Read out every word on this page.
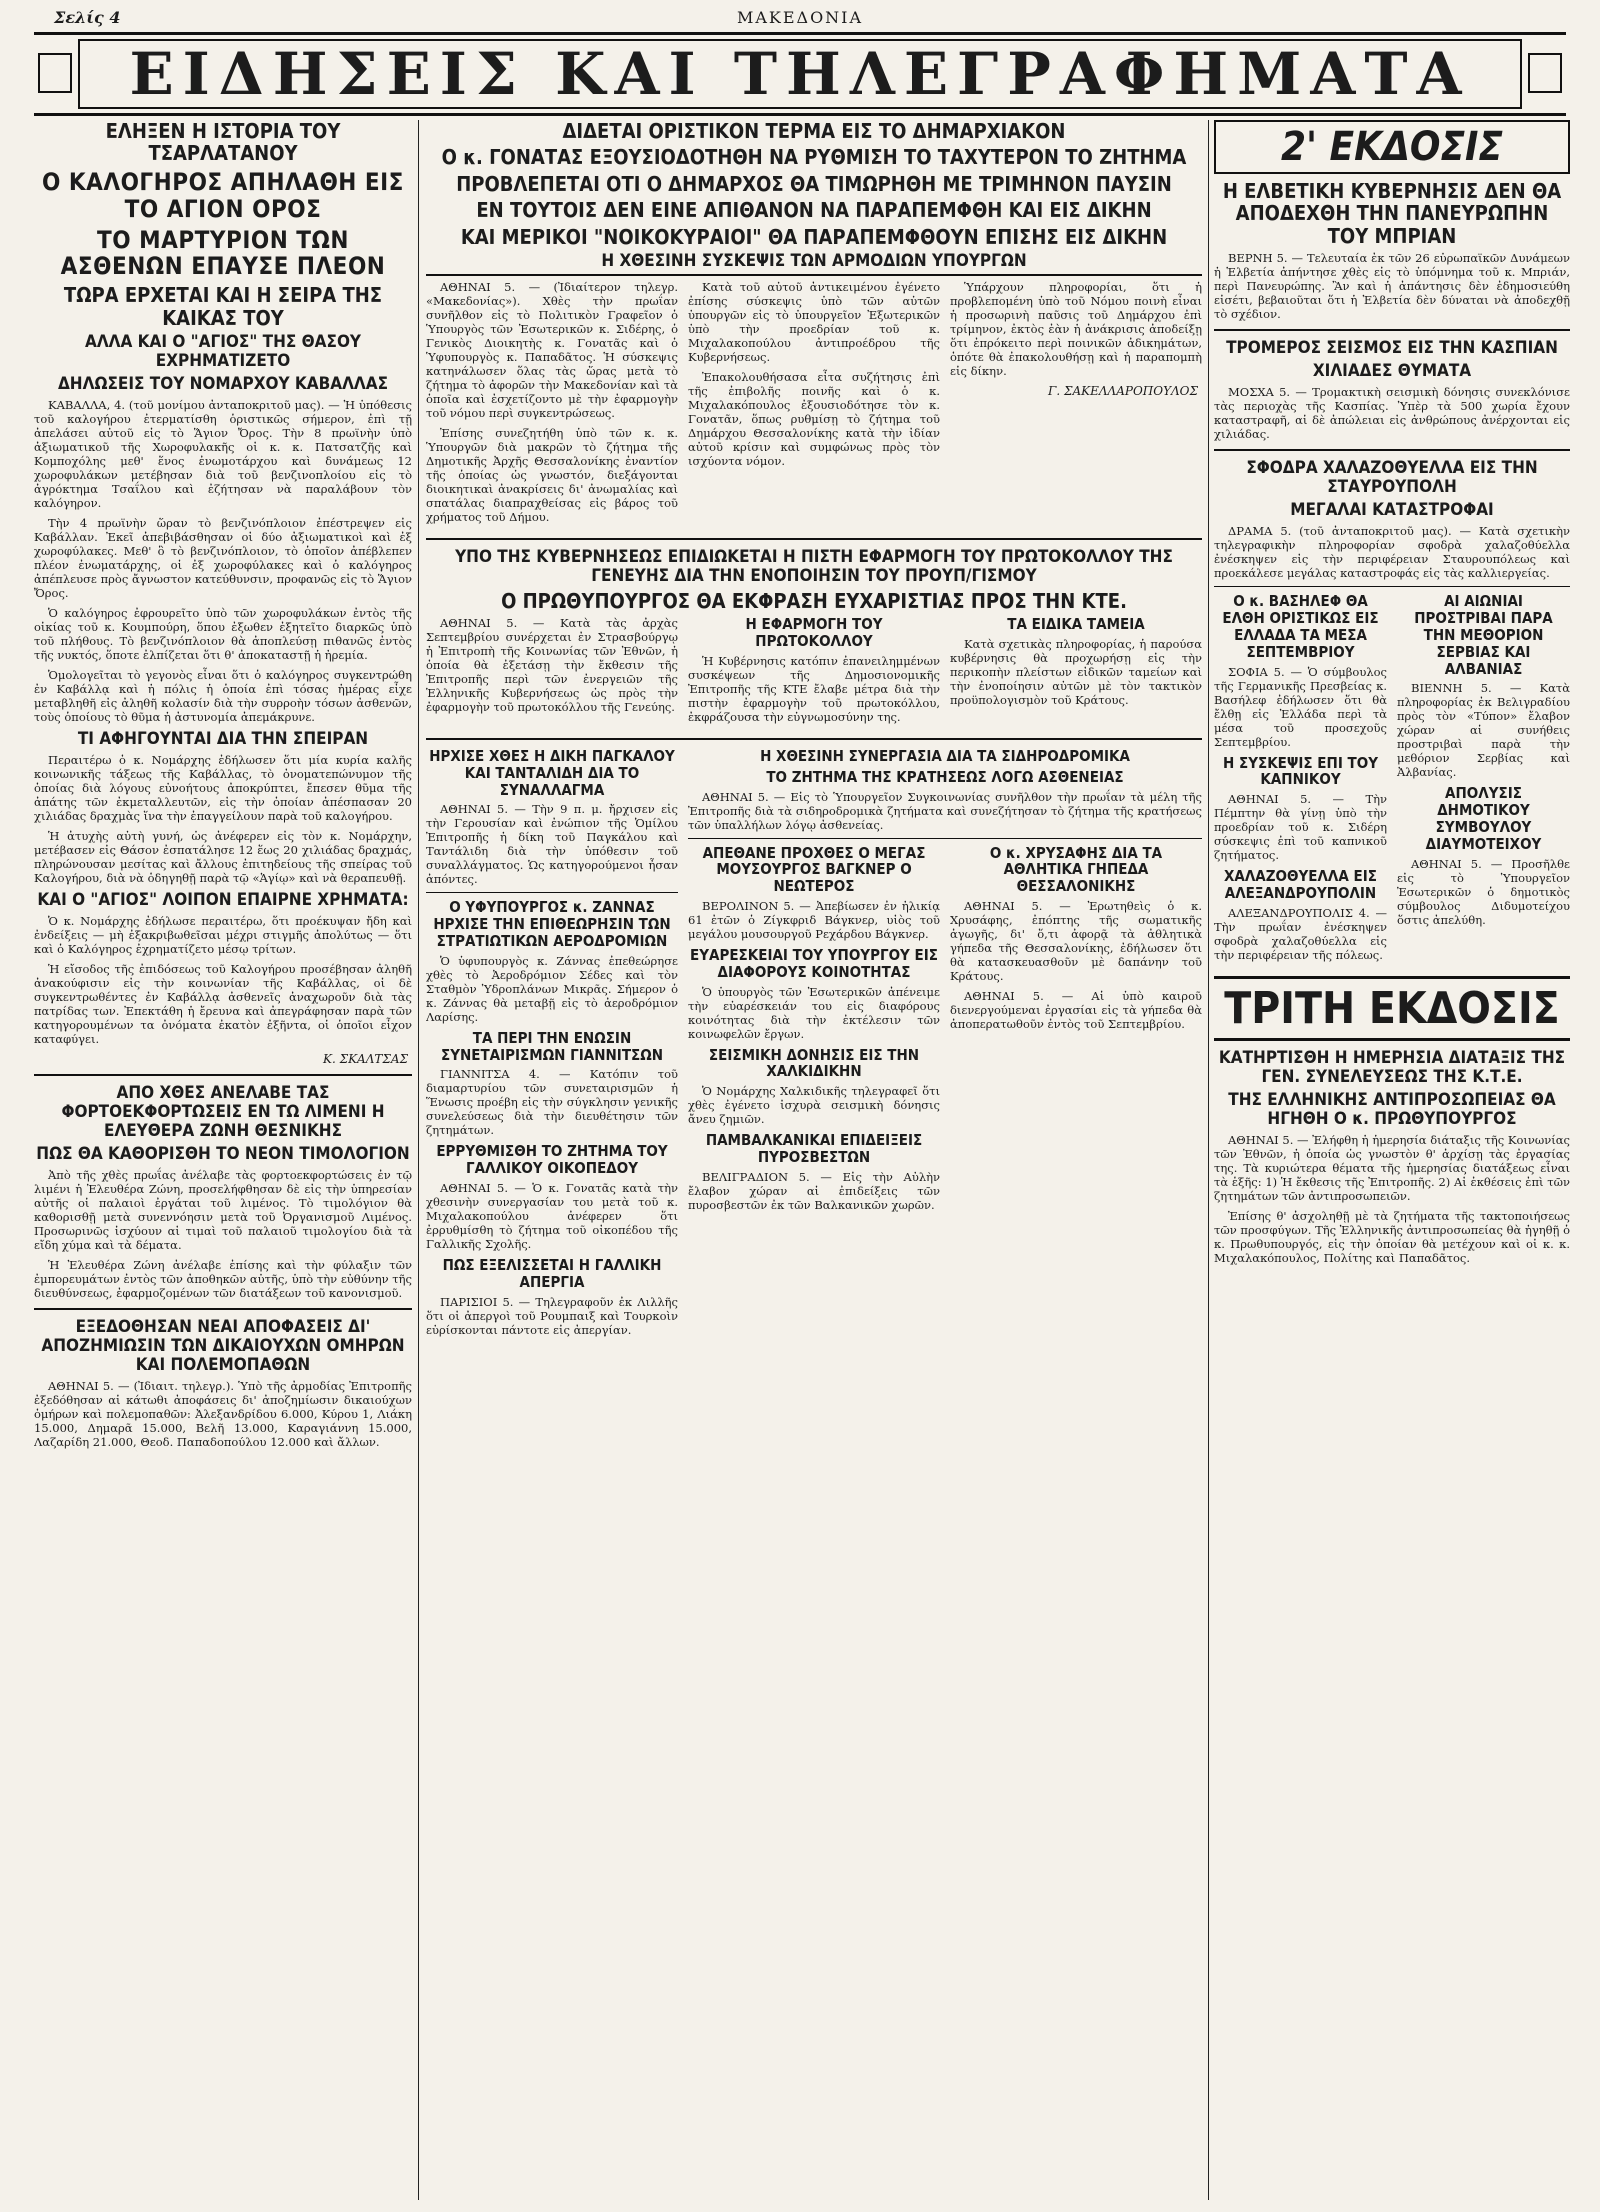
Σελίς 4	ΜΑΚΕΔΟΝΙΑ
ΕΙΔΗΣΕΙΣ ΚΑΙ ΤΗΛΕΓΡΑΦΗΜΑΤΑ
ΕΛΗΞΕΝ Η ΙΣΤΟΡΙΑ ΤΟΥ ΤΣΑΡΛΑΤΑΝΟΥ
Ο ΚΑΛΟΓΗΡΟΣ ΑΠΗΛΑΘΗ ΕΙΣ ΤΟ ΑΓΙΟΝ ΟΡΟΣ
ΤΟ ΜΑΡΤΥΡΙΟΝ ΤΩΝ ΑΣΘΕΝΩΝ ΕΠΑΥΣΕ ΠΛΕΟΝ
ΤΩΡΑ ΕΡΧΕΤΑΙ ΚΑΙ Η ΣΕΙΡΑ ΤΗΣ ΚΑΙΚΑΣ ΤΟΥ
ΑΛΛΑ ΚΑΙ Ο "ΑΓΙΟΣ" ΤΗΣ ΘΑΣΟΥ ΕΧΡΗΜΑΤΙΖΕΤΟ
ΔΗΛΩΣΕΙΣ ΤΟΥ ΝΟΜΑΡΧΟΥ ΚΑΒΑΛΛΑΣ

ΚΑΒΑΛΛΑ, 4. (τοῦ μονίμου ἀνταποκριτοῦ μας). — Ἡ ὑπόθεσις τοῦ καλογήρου ἐτερματίσθη ὁριστικῶς σήμερον, ἐπὶ τῇ ἀπελάσει αὐτοῦ εἰς τὸ Ἅγιον Ὄρος. Τὴν 8 πρωϊνὴν ὑπὸ ἀξιωματικοῦ τῆς Χωροφυλακῆς οἱ κ. κ. Πατσατζῆς καὶ Κομποχόλης μεθ' ἕνος ἐνωμοτάρχου καὶ δυνάμεως 12 χωροφυλάκων μετέβησαν διὰ τοῦ βενζινοπλοίου εἰς τὸ ἀγρόκτημα Τσαΐλου καὶ ἐζήτησαν νὰ παραλάβουν τὸν καλόγηρον.

Τὴν 4 πρωϊνὴν ὥραν τὸ βενζινόπλοιον ἐπέστρεψεν εἰς Καβάλλαν. Ἐκεῖ ἀπεβιβάσθησαν οἱ δύο ἀξιωματικοὶ καὶ ἐξ χωροφύλακες. Μεθ' ὃ τὸ βενζινόπλοιον, τὸ ὁποῖον ἀπέβλεπεν πλέον ἐνωματάρχης, οἱ ἐξ χωροφύλακες καὶ ὁ καλόγηρος ἀπέπλευσε πρὸς ἄγνωστον κατεύθυνσιν, προφανῶς εἰς τὸ Ἅγιον Ὄρος.

Ὁ καλόγηρος ἐφρουρεῖτο ὑπὸ τῶν χωροφυλάκων ἐντὸς τῆς οἰκίας τοῦ κ. Κουμπούρη, ὅπου ἐξωθεν ἐξητεῖτο διαρκῶς ὑπὸ τοῦ πλήθους. Τὸ βενζινόπλοιον θὰ ἀποπλεύσῃ πιθανῶς ἐντὸς τῆς νυκτός, ὅποτε ἐλπίζεται ὅτι θ' ἀποκαταστῇ ἡ ἠρεμία.

Ὁμολογεῖται τὸ γεγονὸς εἶναι ὅτι ὁ καλόγηρος συγκεντρώθη ἐν Καβάλλᾳ καὶ ἡ πόλις ἡ ὁποία ἐπὶ τόσας ἡμέρας εἶχε μεταβληθῆ εἰς ἀληθῆ κολασίν διὰ τὴν συρροὴν τόσων ἀσθενῶν, τοὺς ὁποίους τὸ θῦμα ἡ ἀστυνομία ἀπεμάκρυνε.

ΤΙ ΑΦΗΓΟΥΝΤΑΙ ΔΙΑ ΤΗΝ ΣΠΕΙΡΑΝ

Περαιτέρω ὁ κ. Νομάρχης ἐδήλωσεν ὅτι μία κυρία καλῆς κοινωνικῆς τάξεως τῆς Καβάλλας, τὸ ὀνοματεπώνυμον τῆς ὁποίας διὰ λόγους εὐνοήτους ἀποκρύπτει, ἔπεσεν θῦμα τῆς ἀπάτης τῶν ἐκμεταλλευτῶν, εἰς τὴν ὁποίαν ἀπέσπασαν 20 χιλιάδας δραχμὰς ἵνα τὴν ἐπαγγείλουν παρὰ τοῦ καλογήρου.

Ἡ ἀτυχὴς αὐτὴ γυνή, ὡς ἀνέφερεν εἰς τὸν κ. Νομάρχην, μετέβασεν εἰς Θάσον ἐσπατάλησε 12 ἕως 20 χιλιάδας δραχμάς, πληρώνουσαν μεσίτας καὶ ἄλλους ἐπιτηδείους τῆς σπείρας τοῦ Καλογήρου, διὰ νὰ ὁδηγηθῇ παρὰ τῷ «Ἁγίῳ» καὶ νὰ θεραπευθῇ.

ΚΑΙ Ο "ΑΓΙΟΣ" ΛΟΙΠΟΝ ΕΠΑΙΡΝΕ ΧΡΗΜΑΤΑ:

Ὁ κ. Νομάρχης ἐδήλωσε περαιτέρω, ὅτι προέκυψαν ἤδη καὶ ἐνδείξεις — μὴ ἐξακριβωθεῖσαι μέχρι στιγμῆς ἀπολύτως — ὅτι καὶ ὁ Καλόγηρος ἐχρηματίζετο μέσῳ τρίτων.

Ἡ εἴσοδος τῆς ἐπιδόσεως τοῦ Καλογήρου προσέβησαν ἀληθῆ ἀνακούφισιν εἰς τὴν κοινωνίαν τῆς Καβάλλας, οἱ δὲ συγκεντρωθέντες ἐν Καβάλλᾳ ἀσθενεῖς ἀναχωροῦν διὰ τὰς πατρίδας των. Ἐπεκτάθη ἡ ἔρευνα καὶ ἀπεγράφησαν παρὰ τῶν κατηγορουμένων τα ὀνόματα ἐκατὸν ἐξῆντα, οἱ ὁποῖοι εἶχον καταφύγει.

Κ. ΣΚΑΛΤΣΑΣ
ΑΠΟ ΧΘΕΣ ΑΝΕΛΑΒΕ ΤΑΣ ΦΟΡΤΟΕΚΦΟΡΤΩΣΕΙΣ ΕΝ ΤΩ ΛΙΜΕΝΙ Η ΕΛΕΥΘΕΡΑ ΖΩΝΗ ΘΕΣΝΙΚΗΣ
ΠΩΣ ΘΑ ΚΑΘΟΡΙΣΘΗ ΤΟ ΝΕΟΝ ΤΙΜΟΛΟΓΙΟΝ

Ἀπὸ τῆς χθὲς πρωΐας ἀνέλαβε τὰς φορτοεκφορτώσεις ἐν τῷ λιμένι ἡ Ἐλευθέρα Ζώνη, προσελήφθησαν δὲ εἰς τὴν ὑπηρεσίαν αὐτῆς οἱ παλαιοὶ ἐργάται τοῦ λιμένος. Τὸ τιμολόγιον θὰ καθορισθῇ μετὰ συνεννόησιν μετὰ τοῦ Ὀργανισμοῦ Λιμένος. Προσωρινῶς ἰσχύουν αἱ τιμαὶ τοῦ παλαιοῦ τιμολογίου διὰ τὰ εἴδη χύμα καὶ τὰ δέματα.

Ἡ Ἐλευθέρα Ζώνη ἀνέλαβε ἐπίσης καὶ τὴν φύλαξιν τῶν ἐμπορευμάτων ἐντὸς τῶν ἀποθηκῶν αὐτῆς, ὑπὸ τὴν εὐθύνην τῆς διευθύνσεως, ἐφαρμοζομένων τῶν διατάξεων τοῦ κανονισμοῦ.

ΕΞΕΔΟΘΗΣΑΝ ΝΕΑΙ ΑΠΟΦΑΣΕΙΣ ΔΙ' ΑΠΟΖΗΜΙΩΣΙΝ ΤΩΝ ΔΙΚΑΙΟΥΧΩΝ ΟΜΗΡΩΝ ΚΑΙ ΠΟΛΕΜΟΠΑΘΩΝ

ΑΘΗΝΑΙ 5. — (Ἰδιαιτ. τηλεγρ.). Ὑπὸ τῆς ἀρμοδίας Ἐπιτροπῆς ἐξεδόθησαν αἱ κάτωθι ἀποφάσεις δι' ἀποζημίωσιν δικαιούχων ὁμήρων καὶ πολεμοπαθῶν: Ἀλεξανδρίδου 6.000, Κύρου 1, Λιάκη 15.000, Δημαρᾶ 15.000, Βελῆ 13.000, Καραγιάννη 15.000, Λαζαρίδη 21.000, Θεοδ. Παπαδοπούλου 12.000 καὶ ἄλλων.

ΔΙΔΕΤΑΙ ΟΡΙΣΤΙΚΟΝ ΤΕΡΜΑ ΕΙΣ ΤΟ ΔΗΜΑΡΧΙΑΚΟΝ
Ο κ. ΓΟΝΑΤΑΣ ΕΞΟΥΣΙΟΔΟΤΗΘΗ ΝΑ ΡΥΘΜΙΣΗ ΤΟ ΤΑΧΥΤΕΡΟΝ ΤΟ ΖΗΤΗΜΑ
ΠΡΟΒΛΕΠΕΤΑΙ ΟΤΙ Ο ΔΗΜΑΡΧΟΣ ΘΑ ΤΙΜΩΡΗΘΗ ΜΕ ΤΡΙΜΗΝΟΝ ΠΑΥΣΙΝ
ΕΝ ΤΟΥΤΟΙΣ ΔΕΝ ΕΙΝΕ ΑΠΙΘΑΝΟΝ ΝΑ ΠΑΡΑΠΕΜΦΘΗ ΚΑΙ ΕΙΣ ΔΙΚΗΝ
ΚΑΙ ΜΕΡΙΚΟΙ "ΝΟΙΚΟΚΥΡΑΙΟΙ" ΘΑ ΠΑΡΑΠΕΜΦΘΟΥΝ ΕΠΙΣΗΣ ΕΙΣ ΔΙΚΗΝ
Η ΧΘΕΣΙΝΗ ΣΥΣΚΕΨΙΣ ΤΩΝ ΑΡΜΟΔΙΩΝ ΥΠΟΥΡΓΩΝ

ΑΘΗΝΑΙ 5. — (Ἰδιαίτερον τηλεγρ. «Μακεδονίας»). Χθὲς τὴν πρωΐαν συνῆλθον εἰς τὸ Πολιτικὸν Γραφεῖον ὁ Ὑπουργὸς τῶν Ἐσωτερικῶν κ. Σιδέρης, ὁ Γενικὸς Διοικητὴς κ. Γονατᾶς καὶ ὁ Ὑφυπουργὸς κ. Παπαδᾶτος. Ἡ σύσκεψις κατηνάλωσεν ὅλας τὰς ὥρας μετὰ τὸ ζήτημα τὸ ἀφορῶν τὴν Μακεδονίαν καὶ τὰ ὁποῖα καὶ ἐσχετίζοντο μὲ τὴν ἐφαρμογὴν τοῦ νόμου περὶ συγκεντρώσεως.

Ἐπίσης συνεζητήθη ὑπὸ τῶν κ. κ. Ὑπουργῶν διὰ μακρῶν τὸ ζήτημα τῆς Δημοτικῆς Ἀρχῆς Θεσσαλονίκης ἐναντίον τῆς ὁποίας ὡς γνωστόν, διεξάγονται διοικητικαὶ ἀνακρίσεις δι' ἀνωμαλίας καὶ σπατάλας διαπραχθείσας εἰς βάρος τοῦ χρήματος τοῦ Δήμου.

Κατὰ τοῦ αὐτοῦ ἀντικειμένου ἐγένετο ἐπίσης σύσκεψις ὑπὸ τῶν αὐτῶν ὑπουργῶν εἰς τὸ ὑπουργεῖον Ἐξωτερικῶν ὑπὸ τὴν προεδρίαν τοῦ κ. Μιχαλακοπούλου ἀντιπροέδρου τῆς Κυβερνήσεως.

Ἐπακολουθήσασα εἶτα συζήτησις ἐπὶ τῆς ἐπιβολῆς ποινῆς καὶ ὁ κ. Μιχαλακόπουλος ἐξουσιοδότησε τὸν κ. Γονατᾶν, ὅπως ρυθμίσῃ τὸ ζήτημα τοῦ Δημάρχου Θεσσαλονίκης κατὰ τὴν ἰδίαν αὐτοῦ κρίσιν καὶ συμφώνως πρὸς τὸν ισχύοντα νόμον.

Ὑπάρχουν πληροφορίαι, ὅτι ἡ προβλεπομένη ὑπὸ τοῦ Νόμου ποινὴ εἶναι ἡ προσωρινὴ παῦσις τοῦ Δημάρχου ἐπὶ τρίμηνον, ἐκτὸς ἐὰν ἡ ἀνάκρισις ἀποδείξῃ ὅτι ἐπρόκειτο περὶ ποινικῶν ἀδικημάτων, ὁπότε θὰ ἐπακολουθήσῃ καὶ ἡ παραπομπὴ εἰς δίκην.

Γ. ΣΑΚΕΛΛΑΡΟΠΟΥΛΟΣ
ΥΠΟ ΤΗΣ ΚΥΒΕΡΝΗΣΕΩΣ ΕΠΙΔΙΩΚΕΤΑΙ Η ΠΙΣΤΗ ΕΦΑΡΜΟΓΗ ΤΟΥ ΠΡΩΤΟΚΟΛΛΟΥ ΤΗΣ ΓΕΝΕΥΗΣ ΔΙΑ ΤΗΝ ΕΝΟΠΟΙΗΣΙΝ ΤΟΥ ΠΡΟΥΠ/ΓΙΣΜΟΥ
Ο ΠΡΩΘΥΠΟΥΡΓΟΣ ΘΑ ΕΚΦΡΑΣΗ ΕΥΧΑΡΙΣΤΙΑΣ ΠΡΟΣ ΤΗΝ ΚΤΕ.

ΑΘΗΝΑΙ 5. — Κατὰ τὰς ἀρχὰς Σεπτεμβρίου συνέρχεται ἐν Στρασβούργῳ ἡ Ἐπιτροπὴ τῆς Κοινωνίας τῶν Ἐθνῶν, ἡ ὁποία θὰ ἐξετάσῃ τὴν ἔκθεσιν τῆς Ἐπιτροπῆς περὶ τῶν ἐνεργειῶν τῆς Ἑλληνικῆς Κυβερνήσεως ὡς πρὸς τὴν ἐφαρμογὴν τοῦ πρωτοκόλλου τῆς Γενεύης.

Η ΕΦΑΡΜΟΓΗ ΤΟΥ ΠΡΩΤΟΚΟΛΛΟΥ

Ἡ Κυβέρνησις κατόπιν ἐπανειλημμένων συσκέψεων τῆς Δημοσιονομικῆς Ἐπιτροπῆς τῆς ΚΤΕ ἔλαβε μέτρα διὰ τὴν πιστὴν ἐφαρμογὴν τοῦ πρωτοκόλλου, ἐκφράζουσα τὴν εὐγνωμοσύνην της.

ΤΑ ΕΙΔΙΚΑ ΤΑΜΕΙΑ

Κατὰ σχετικὰς πληροφορίας, ἡ παρούσα κυβέρνησις θὰ προχωρήσῃ εἰς τὴν περικοπὴν πλείστων εἰδικῶν ταμείων καὶ τὴν ἐνοποίησιν αὐτῶν μὲ τὸν τακτικὸν προϋπολογισμὸν τοῦ Κράτους.

ΗΡΧΙΣΕ ΧΘΕΣ Η ΔΙΚΗ ΠΑΓΚΑΛΟΥ ΚΑΙ ΤΑΝΤΑΛΙΔΗ ΔΙΑ ΤΟ ΣΥΝΑΛΛΑΓΜΑ

ΑΘΗΝΑΙ 5. — Τὴν 9 π. μ. ἤρχισεν εἰς τὴν Γερουσίαν καὶ ἐνώπιον τῆς Ὁμίλου Ἐπιτροπῆς ἡ δίκη τοῦ Παγκάλου καὶ Ταντάλιδη διὰ τὴν ὑπόθεσιν τοῦ συναλλάγματος. Ὡς κατηγορούμενοι ἦσαν ἀπόντες.

Ο ΥΦΥΠΟΥΡΓΟΣ κ. ΖΑΝΝΑΣ ΗΡΧΙΣΕ ΤΗΝ ΕΠΙΘΕΩΡΗΣΙΝ ΤΩΝ ΣΤΡΑΤΙΩΤΙΚΩΝ ΑΕΡΟΔΡΟΜΙΩΝ

Ὁ ὑφυπουργὸς κ. Ζάννας ἐπεθεώρησε χθὲς τὸ Ἀεροδρόμιον Σέδες καὶ τὸν Σταθμὸν Ὑδροπλάνων Μικρᾶς. Σήμερον ὁ κ. Ζάννας θὰ μεταβῇ εἰς τὸ ἀεροδρόμιον Λαρίσης.

ΤΑ ΠΕΡΙ ΤΗΝ ΕΝΩΣΙΝ ΣΥΝΕΤΑΙΡΙΣΜΩΝ ΓΙΑΝΝΙΤΣΩΝ

ΓΙΑΝΝΙΤΣΑ 4. — Κατόπιν τοῦ διαμαρτυρίου τῶν συνεταιρισμῶν ἡ Ἕνωσις προέβη εἰς τὴν σύγκλησιν γενικῆς συνελεύσεως διὰ τὴν διευθέτησιν τῶν ζητημάτων.

ΕΡΡΥΘΜΙΣΘΗ ΤΟ ΖΗΤΗΜΑ ΤΟΥ ΓΑΛΛΙΚΟΥ ΟΙΚΟΠΕΔΟΥ

ΑΘΗΝΑΙ 5. — Ὁ κ. Γονατᾶς κατὰ τὴν χθεσινὴν συνεργασίαν του μετὰ τοῦ κ. Μιχαλακοπούλου ἀνέφερεν ὅτι ἐρρυθμίσθη τὸ ζήτημα τοῦ οἰκοπέδου τῆς Γαλλικῆς Σχολῆς.

ΠΩΣ ΕΞΕΛΙΣΣΕΤΑΙ Η ΓΑΛΛΙΚΗ ΑΠΕΡΓΙΑ

ΠΑΡΙΣΙΟΙ 5. — Τηλεγραφοῦν ἐκ Λιλλῆς ὅτι οἱ ἀπεργοὶ τοῦ Ρουμπαιξ καὶ Τουρκοὶν εὑρίσκονται πάντοτε εἰς ἀπεργίαν.

Η ΧΘΕΣΙΝΗ ΣΥΝΕΡΓΑΣΙΑ ΔΙΑ ΤΑ ΣΙΔΗΡΟΔΡΟΜΙΚΑ
ΤΟ ΖΗΤΗΜΑ ΤΗΣ ΚΡΑΤΗΣΕΩΣ ΛΟΓΩ ΑΣΘΕΝΕΙΑΣ

ΑΘΗΝΑΙ 5. — Εἰς τὸ Ὑπουργεῖον Συγκοινωνίας συνῆλθον τὴν πρωΐαν τὰ μέλη τῆς Ἐπιτροπῆς διὰ τὰ σιδηροδρομικὰ ζητήματα καὶ συνεζήτησαν τὸ ζήτημα τῆς κρατήσεως τῶν ὑπαλλήλων λόγῳ ἀσθενείας.

ΑΠΕΘΑΝΕ ΠΡΟΧΘΕΣ Ο ΜΕΓΑΣ ΜΟΥΣΟΥΡΓΟΣ ΒΑΓΚΝΕΡ Ο ΝΕΩΤΕΡΟΣ

ΒΕΡΟΛΙΝΟΝ 5. — Ἀπεβίωσεν ἐν ἡλικίᾳ 61 ἐτῶν ὁ Ζίγκφριδ Βάγκνερ, υἱὸς τοῦ μεγάλου μουσουργοῦ Ρεχάρδου Βάγκνερ.

ΕΥΑΡΕΣΚΕΙΑΙ ΤΟΥ ΥΠΟΥΡΓΟΥ ΕΙΣ ΔΙΑΦΟΡΟΥΣ ΚΟΙΝΟΤΗΤΑΣ

Ὁ ὑπουργὸς τῶν Ἐσωτερικῶν ἀπένειμε τὴν εὐαρέσκειάν του εἰς διαφόρους κοινότητας διὰ τὴν ἐκτέλεσιν τῶν κοινωφελῶν ἔργων.

ΣΕΙΣΜΙΚΗ ΔΟΝΗΣΙΣ ΕΙΣ ΤΗΝ ΧΑΛΚΙΔΙΚΗΝ

Ὁ Νομάρχης Χαλκιδικῆς τηλεγραφεῖ ὅτι χθὲς ἐγένετο ἰσχυρὰ σεισμικὴ δόνησις ἄνευ ζημιῶν.

ΠΑΜΒΑΛΚΑΝΙΚΑΙ ΕΠΙΔΕΙΞΕΙΣ ΠΥΡΟΣΒΕΣΤΩΝ

ΒΕΛΙΓΡΑΔΙΟΝ 5. — Εἰς τὴν Αὐλὴν ἔλαβον χώραν αἱ ἐπιδείξεις τῶν πυροσβεστῶν ἐκ τῶν Βαλκανικῶν χωρῶν.

Ο κ. ΧΡΥΣΑΦΗΣ ΔΙΑ ΤΑ ΑΘΛΗΤΙΚΑ ΓΗΠΕΔΑ ΘΕΣΣΑΛΟΝΙΚΗΣ

ΑΘΗΝΑΙ 5. — Ἐρωτηθεὶς ὁ κ. Χρυσάφης, ἐπόπτης τῆς σωματικῆς ἀγωγῆς, δι' ὅ,τι ἀφορᾷ τὰ ἀθλητικὰ γήπεδα τῆς Θεσσαλονίκης, ἐδήλωσεν ὅτι θὰ κατασκευασθοῦν μὲ δαπάνην τοῦ Κράτους.

ΑΘΗΝΑΙ 5. — Αἱ ὑπὸ καιροῦ διενεργούμεναι ἐργασίαι εἰς τὰ γήπεδα θὰ ἀποπερατωθοῦν ἐντὸς τοῦ Σεπτεμβρίου.

2' ΕΚΔΟΣΙΣ
Η ΕΛΒΕΤΙΚΗ ΚΥΒΕΡΝΗΣΙΣ ΔΕΝ ΘΑ ΑΠΟΔΕΧΘΗ ΤΗΝ ΠΑΝΕΥΡΩΠΗΝ ΤΟΥ ΜΠΡΙΑΝ

ΒΕΡΝΗ 5. — Τελευταία ἐκ τῶν 26 εὐρωπαϊκῶν Δυνάμεων ἡ Ἑλβετία ἀπήντησε χθὲς εἰς τὸ ὑπόμνημα τοῦ κ. Μπριάν, περὶ Πανευρώπης. Ἂν καὶ ἡ ἀπάντησις δὲν ἐδημοσιεύθη εἰσέτι, βεβαιοῦται ὅτι ἡ Ἑλβετία δὲν δύναται νὰ ἀποδεχθῇ τὸ σχέδιον.

ΤΡΟΜΕΡΟΣ ΣΕΙΣΜΟΣ ΕΙΣ ΤΗΝ ΚΑΣΠΙΑΝ
ΧΙΛΙΑΔΕΣ ΘΥΜΑΤΑ

ΜΟΣΧΑ 5. — Τρομακτικὴ σεισμικὴ δόνησις συνεκλόνισε τὰς περιοχὰς τῆς Κασπίας. Ὑπὲρ τὰ 500 χωρία ἔχουν καταστραφῆ, αἱ δὲ ἀπώλειαι εἰς ἀνθρώπους ἀνέρχονται εἰς χιλιάδας.

ΣΦΟΔΡΑ ΧΑΛΑΖΟΘΥΕΛΛΑ ΕΙΣ ΤΗΝ ΣΤΑΥΡΟΥΠΟΛΗ
ΜΕΓΑΛΑΙ ΚΑΤΑΣΤΡΟΦΑΙ

ΔΡΑΜΑ 5. (τοῦ ἀνταποκριτοῦ μας). — Κατὰ σχετικὴν τηλεγραφικὴν πληροφορίαν σφοδρὰ χαλαζοθύελλα ἐνέσκηψεν εἰς τὴν περιφέρειαν Σταυρουπόλεως καὶ προεκάλεσε μεγάλας καταστροφάς εἰς τὰς καλλιεργείας.

Ο κ. ΒΑΣΗΛΕΦ ΘΑ ΕΛΘΗ ΟΡΙΣΤΙΚΩΣ ΕΙΣ ΕΛΛΑΔΑ ΤΑ ΜΕΣΑ ΣΕΠΤΕΜΒΡΙΟΥ

ΣΟΦΙΑ 5. — Ὁ σύμβουλος τῆς Γερμανικῆς Πρεσβείας κ. Βασήλεφ ἐδήλωσεν ὅτι θὰ ἔλθῃ εἰς Ἑλλάδα περὶ τὰ μέσα τοῦ προσεχοῦς Σεπτεμβρίου.

Η ΣΥΣΚΕΨΙΣ ΕΠΙ ΤΟΥ ΚΑΠΝΙΚΟΥ

ΑΘΗΝΑΙ 5. — Τὴν Πέμπτην θὰ γίνῃ ὑπὸ τὴν προεδρίαν τοῦ κ. Σιδέρη σύσκεψις ἐπὶ τοῦ καπνικοῦ ζητήματος.

ΧΑΛΑΖΟΘΥΕΛΛΑ ΕΙΣ ΑΛΕΞΑΝΔΡΟΥΠΟΛΙΝ

ΑΛΕΞΑΝΔΡΟΥΠΟΛΙΣ 4. — Τὴν πρωΐαν ἐνέσκηψεν σφοδρὰ χαλαζοθύελλα εἰς τὴν περιφέρειαν τῆς πόλεως.

ΑΙ ΑΙΩΝΙΑΙ ΠΡΟΣΤΡΙΒΑΙ ΠΑΡΑ ΤΗΝ ΜΕΘΟΡΙΟΝ ΣΕΡΒΙΑΣ ΚΑΙ ΑΛΒΑΝΙΑΣ

ΒΙΕΝΝΗ 5. — Κατὰ πληροφορίας ἐκ Βελιγραδίου πρὸς τὸν «Τύπον» ἔλαβον χώραν αἱ συνήθεις προστριβαὶ παρὰ τὴν μεθόριον Σερβίας καὶ Ἀλβανίας.

ΑΠΟΛΥΣΙΣ ΔΗΜΟΤΙΚΟΥ ΣΥΜΒΟΥΛΟΥ ΔΙΑΥΜΟΤΕΙΧΟΥ

ΑΘΗΝΑΙ 5. — Προσῆλθε εἰς τὸ Ὑπουργεῖον Ἐσωτερικῶν ὁ δημοτικὸς σύμβουλος Διδυμοτείχου ὅστις ἀπελύθη.

ΤΡΙΤΗ ΕΚΔΟΣΙΣ
ΚΑΤΗΡΤΙΣΘΗ Η ΗΜΕΡΗΣΙΑ ΔΙΑΤΑΞΙΣ ΤΗΣ ΓΕΝ. ΣΥΝΕΛΕΥΣΕΩΣ ΤΗΣ Κ.Τ.Ε.
ΤΗΣ ΕΛΛΗΝΙΚΗΣ ΑΝΤΙΠΡΟΣΩΠΕΙΑΣ ΘΑ ΗΓΗΘΗ Ο κ. ΠΡΩΘΥΠΟΥΡΓΟΣ

ΑΘΗΝΑΙ 5. — Ἐλήφθη ἡ ἡμερησία διάταξις τῆς Κοινωνίας τῶν Ἐθνῶν, ἡ ὁποία ὡς γνωστὸν θ' ἀρχίσῃ τὰς ἐργασίας της. Τὰ κυριώτερα θέματα τῆς ἡμερησίας διατάξεως εἶναι τὰ ἑξῆς: 1) Ἡ ἔκθεσις τῆς Ἐπιτροπῆς. 2) Αἱ ἐκθέσεις ἐπὶ τῶν ζητημάτων τῶν ἀντιπροσωπειῶν.

Ἐπίσης θ' ἀσχοληθῇ μὲ τὰ ζητήματα τῆς τακτοποιήσεως τῶν προσφύγων. Τῆς Ἑλληνικῆς ἀντιπροσωπείας θὰ ἡγηθῇ ὁ κ. Πρωθυπουργός, εἰς τὴν ὁποίαν θὰ μετέχουν καὶ οἱ κ. κ. Μιχαλακόπουλος, Πολίτης καὶ Παπαδᾶτος.
